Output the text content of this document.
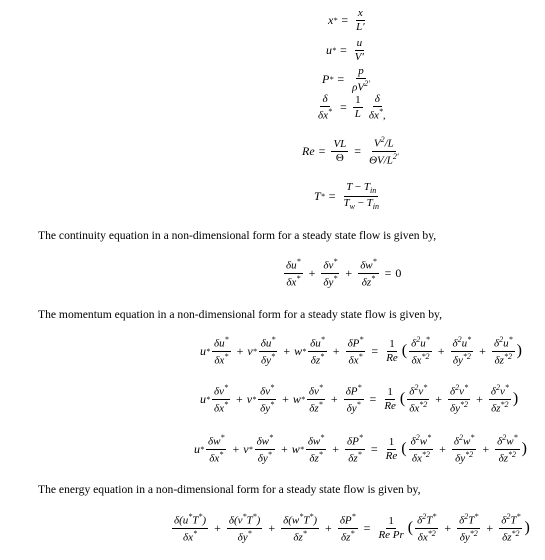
x * = $\frac{x}{L'}$
u * = $\frac{u}{V'}$
P * = $\frac{p}{\rho V^{2'}}$
$\frac{\delta}{\delta x^*} = \frac{1}{L} \frac{\delta}{\delta x^*,}$
$Re = \frac{VL}{\Theta} = \frac{V^2/L}{\Theta V/L^{2'}}$
T * = $\frac{T - T_{in}}{T_w - T_{in}}$
The continuity equation in a non-dimensional form for a steady state flow is given by,
$\frac{\delta u^*}{\delta x^*} + \frac{\delta v^*}{\delta y^*} + \frac{\delta w^*}{\delta z^*} = 0$
The momentum equation in a non-dimensional form for a steady state flow is given by,
$u * \frac{\delta u^*}{\delta x^*} + v * \frac{\delta u^*}{\delta y^*} + w * \frac{\delta u^*}{\delta z^*} + \frac{\delta P^*}{\delta x^*} = \frac{1}{Re}$ ( $\frac{\delta^2u^*}{\delta x^{*2}} + \frac{\delta^2u^*}{\delta y^{*2}} + \frac{\delta^2u^*}{\delta z^{*2}}$ )
$u * \frac{\delta v^*}{\delta x^*} + v * \frac{\delta v^*}{\delta y^*} + w * \frac{\delta v^*}{\delta z^*} + \frac{\delta P^*}{\delta y^*} = \frac{1}{Re}$ ( $\frac{\delta^2v^*}{\delta x^{*2}} + \frac{\delta^2v^*}{\delta y^{*2}} + \frac{\delta^2v^*}{\delta z^{*2}}$ )
$u * \frac{\delta w^*}{\delta x^*} + v * \frac{\delta w^*}{\delta y^*} + w * \frac{\delta w^*}{\delta z^*} + \frac{\delta P^*}{\delta z^*} = \frac{1}{Re}$ ( $\frac{\delta^2w^*}{\delta x^{*2}} + \frac{\delta^2w^*}{\delta y^{*2}} + \frac{\delta^2w^*}{\delta z^{*2}}$ )
The energy equation in a non-dimensional form for a steady state flow is given by,
$\frac{\delta(u^*T^*)}{\delta x^*} + \frac{\delta(v^*T^*)}{\delta y^*} + \frac{\delta(w^*T^*)}{\delta z^*} + \frac{\delta P^*}{\delta z^*} = \frac{1}{\text{Re Pr}}$ ( $\frac{\delta^2T^*}{\delta x^{*2}} + \frac{\delta^2T^*}{\delta y^{*2}} + \frac{\delta^2T^*}{\delta z^{*2}}$ )
